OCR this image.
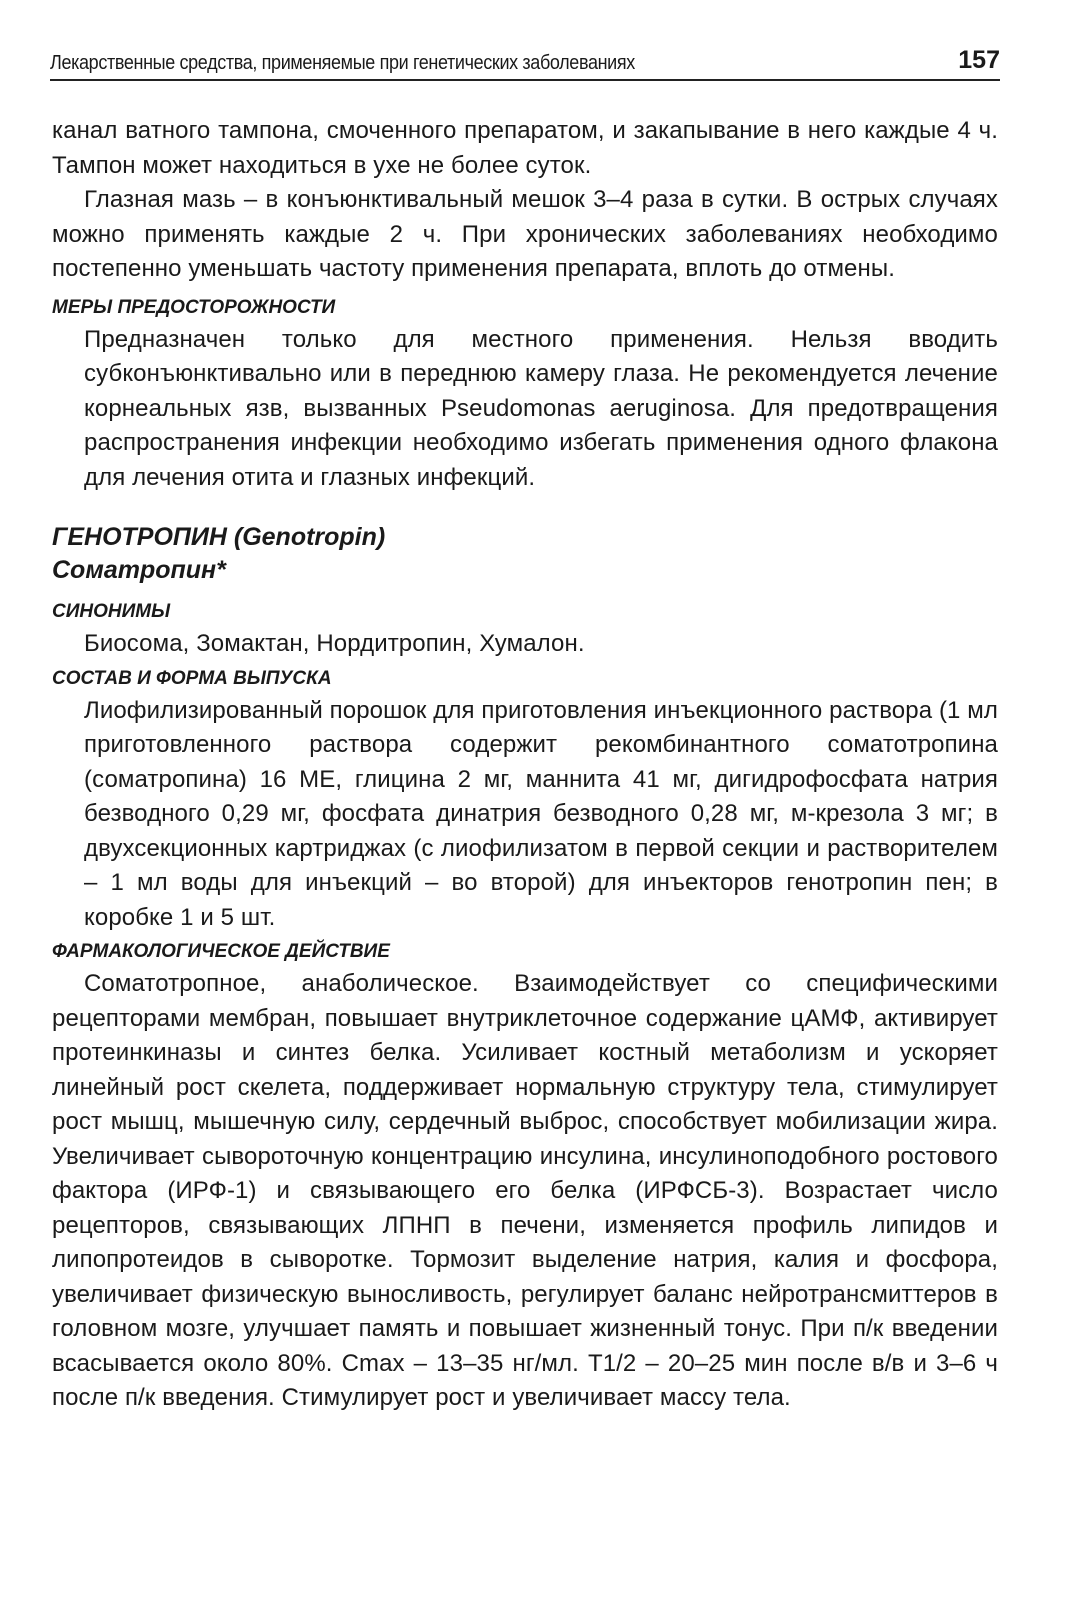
Лекарственные средства, применяемые при генетических заболеваниях	157

канал ватного тампона, смоченного препаратом, и закапывание в него каждые 4 ч. Тампон может находиться в ухе не более суток.

Глазная мазь – в конъюнктивальный мешок 3–4 раза в сутки. В острых случаях можно применять каждые 2 ч. При хронических заболеваниях необходимо постепенно уменьшать частоту применения препарата, вплоть до отмены.

МЕРЫ ПРЕДОСТОРОЖНОСТИ

Предназначен только для местного применения. Нельзя вводить субконъюнктивально или в переднюю камеру глаза. Не рекомендуется лечение корнеальных язв, вызванных Pseudomonas aeruginosa. Для предотвращения распространения инфекции необходимо избегать применения одного флакона для лечения отита и глазных инфекций.

ГЕНОТРОПИН (Genotropin)
Соматропин*
СИНОНИМЫ

Биосома, Зомактан, Нордитропин, Хумалон.

СОСТАВ И ФОРМА ВЫПУСКА

Лиофилизированный порошок для приготовления инъекционного раствора (1 мл приготовленного раствора содержит рекомбинантного соматотропина (соматропина) 16 МЕ, глицина 2 мг, маннита 41 мг, дигидрофосфата натрия безводного 0,29 мг, фосфата динатрия безводного 0,28 мг, м-крезола 3 мг; в двухсекционных картриджах (с лиофилизатом в первой секции и растворителем – 1 мл воды для инъекций – во второй) для инъекторов генотропин пен; в коробке 1 и 5 шт.

ФАРМАКОЛОГИЧЕСКОЕ ДЕЙСТВИЕ

Соматотропное, анаболическое. Взаимодействует со специфическими рецепторами мембран, повышает внутриклеточное содержание цАМФ, активирует протеинкиназы и синтез белка. Усиливает костный метаболизм и ускоряет линейный рост скелета, поддерживает нормальную структуру тела, стимулирует рост мышц, мышечную силу, сердечный выброс, способствует мобилизации жира. Увеличивает сывороточную концентрацию инсулина, инсулиноподобного ростового фактора (ИРФ-1) и связывающего его белка (ИРФСБ-3). Возрастает число рецепторов, связывающих ЛПНП в печени, изменяется профиль липидов и липопротеидов в сыворотке. Тормозит выделение натрия, калия и фосфора, увеличивает физическую выносливость, регулирует баланс нейротрансмиттеров в головном мозге, улучшает память и повышает жизненный тонус. При п/к введении всасывается около 80%. Cmax – 13–35 нг/мл. T1/2 – 20–25 мин после в/в и 3–6 ч после п/к введения. Стимулирует рост и увеличивает массу тела.
